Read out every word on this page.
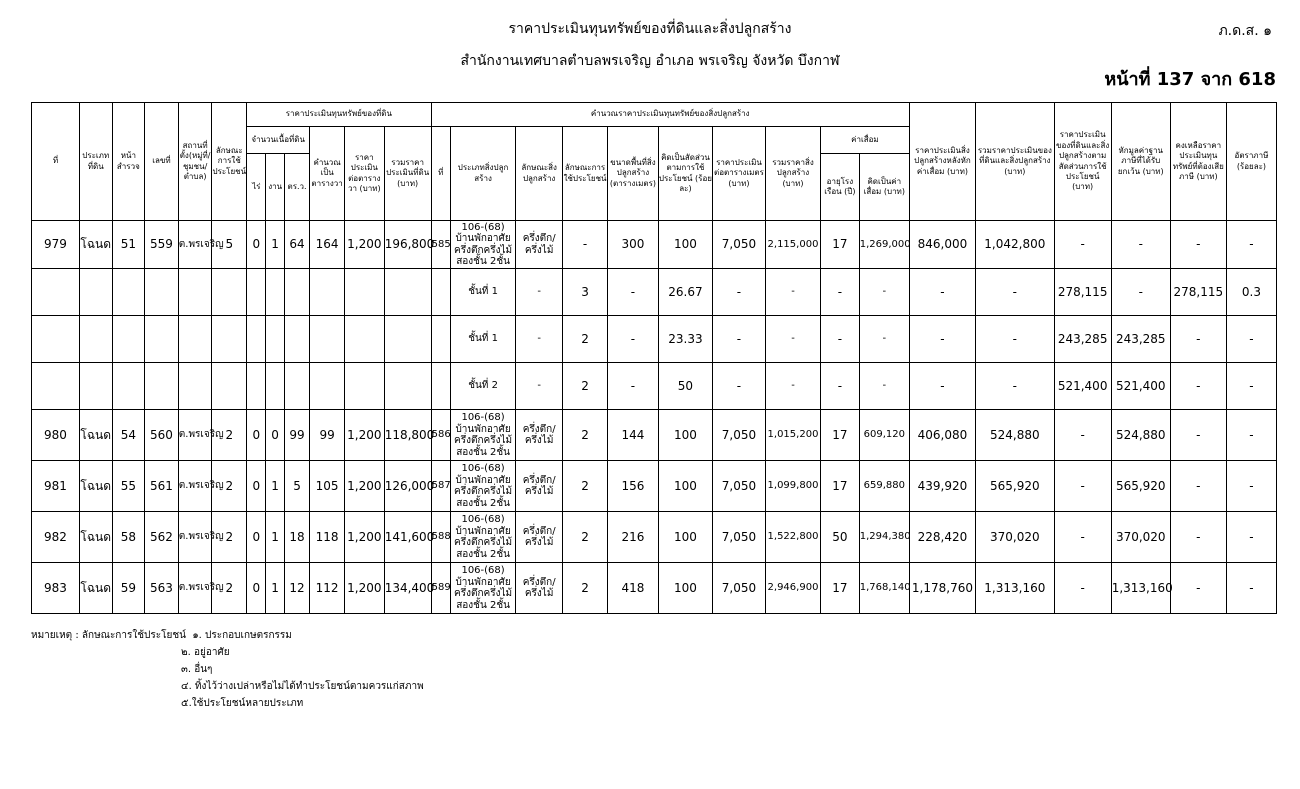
ราคาประเมินทุนทรัพย์ของที่ดินและสิ่งปลูกสร้าง
สำนักงานเทศบาลตำบลพรเจริญ อำเภอ พรเจริญ จังหวัด บึงกาฬ
ภ.ด.ส. ๑
หน้าที่ 137 จาก 618
ที่	ประเภทที่ดิน	หน้าสำรวจ	เลขที่	สถานที่ตั้ง(หมู่ที่/ชุมชน/ตำบล)	ลักษณะการใช้ประโยชน์	ราคาประเมินทุนทรัพย์ของที่ดิน						คำนวณราคาประเมินทุนทรัพย์ของสิ่งปลูกสร้าง										ราคาประเมินสิ่งปลูกสร้างหลังหักค่าเสื่อม (บาท)	รวมราคาประเมินของที่ดินและสิ่งปลูกสร้าง (บาท)	ราคาประเมินของที่ดินและสิ่งปลูกสร้างตามสัดส่วนการใช้ประโยชน์ (บาท)	หักมูลค่าฐานภาษีที่ได้รับยกเว้น (บาท)	คงเหลือราคาประเมินทุนทรัพย์ที่ต้องเสียภาษี (บาท)	อัตราภาษี (ร้อยละ)
						จำนวนเนื้อที่ดิน			คำนวณเป็นตารางวา	ราคาประเมินต่อตารางวา (บาท)	รวมราคาประเมินที่ดิน (บาท)	ที่	ประเภทสิ่งปลูกสร้าง	ลักษณะสิ่งปลูกสร้าง	ลักษณะการใช้ประโยชน์	ขนาดพื้นที่สิ่งปลูกสร้าง (ตารางเมตร)	คิดเป็นสัดส่วนตามการใช้ประโยชน์ (ร้อยละ)	ราคาประเมินต่อตารางเมตร (บาท)	รวมราคาสิ่งปลูกสร้าง (บาท)	ค่าเสื่อม							
						ไร่	งาน	ตร.ว.												อายุโรงเรือน (ปี)	คิดเป็นค่าเสื่อม (บาท)						
979	โฉนด	51	559	ต.พรเจริญ	5	0	1	64	164	1,200	196,800	585	106-(68) บ้านพักอาศัยครึ่งตึกครึ่งไม้สองชั้น 2ชั้น	ครึ่งตึก/ครึ่งไม้	-	300	100	7,050	2,115,000	17	1,269,000	846,000	1,042,800	-	-	-	-
													ชั้นที่ 1	-	3	-	26.67	-	-	-	-	-	-	278,115	-	278,115	0.3
													ชั้นที่ 1	-	2	-	23.33	-	-	-	-	-	-	243,285	243,285	-	-
													ชั้นที่ 2	-	2	-	50	-	-	-	-	-	-	521,400	521,400	-	-
980	โฉนด	54	560	ต.พรเจริญ	2	0	0	99	99	1,200	118,800	586	106-(68) บ้านพักอาศัยครึ่งตึกครึ่งไม้สองชั้น 2ชั้น	ครึ่งตึก/ครึ่งไม้	2	144	100	7,050	1,015,200	17	609,120	406,080	524,880	-	524,880	-	-
981	โฉนด	55	561	ต.พรเจริญ	2	0	1	5	105	1,200	126,000	587	106-(68) บ้านพักอาศัยครึ่งตึกครึ่งไม้สองชั้น 2ชั้น	ครึ่งตึก/ครึ่งไม้	2	156	100	7,050	1,099,800	17	659,880	439,920	565,920	-	565,920	-	-
982	โฉนด	58	562	ต.พรเจริญ	2	0	1	18	118	1,200	141,600	588	106-(68) บ้านพักอาศัยครึ่งตึกครึ่งไม้สองชั้น 2ชั้น	ครึ่งตึก/ครึ่งไม้	2	216	100	7,050	1,522,800	50	1,294,380	228,420	370,020	-	370,020	-	-
983	โฉนด	59	563	ต.พรเจริญ	2	0	1	12	112	1,200	134,400	589	106-(68) บ้านพักอาศัยครึ่งตึกครึ่งไม้สองชั้น 2ชั้น	ครึ่งตึก/ครึ่งไม้	2	418	100	7,050	2,946,900	17	1,768,140	1,178,760	1,313,160	-	1,313,160	-	-
หมายเหตุ : ลักษณะการใช้ประโยชน์ ๑. ประกอบเกษตรกรรม
๒. อยู่อาศัย
๓. อื่นๆ
๔. ทิ้งไว้ว่างเปล่าหรือไม่ได้ทำประโยชน์ตามควรแก่สภาพ
๕.ใช้ประโยชน์หลายประเภท
